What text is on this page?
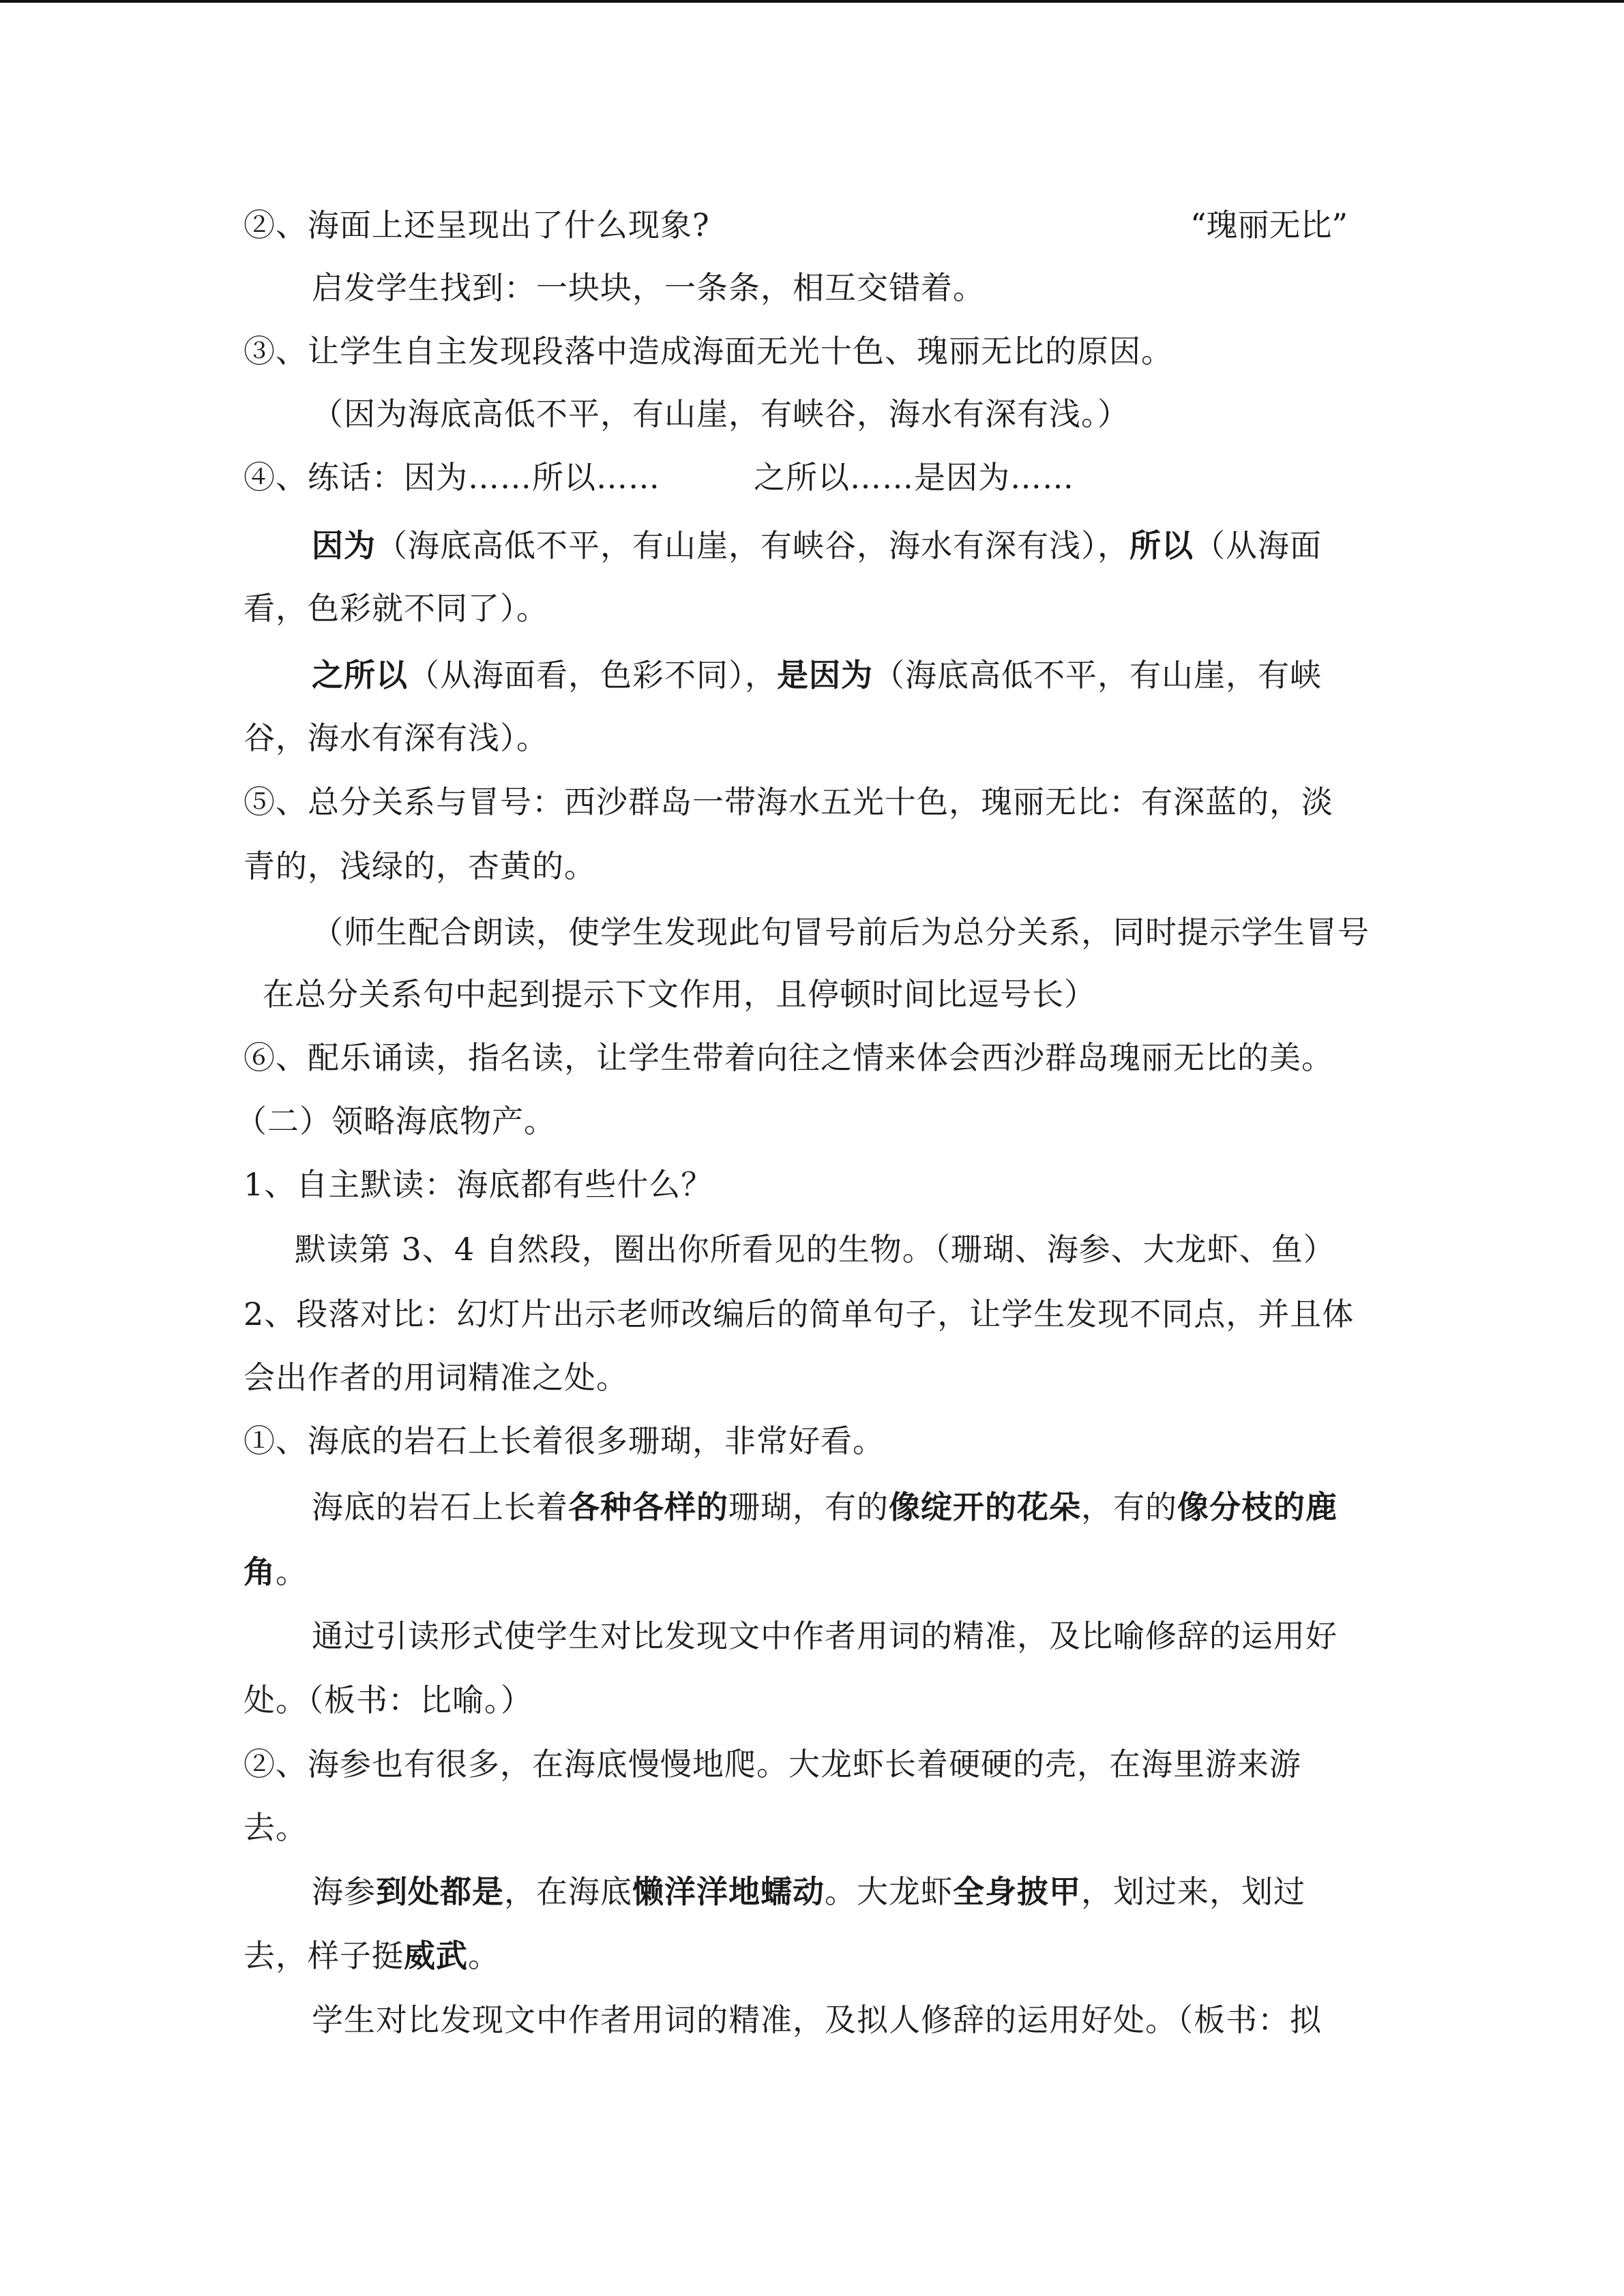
②、海面上还呈现出了什么现象?	“瑰丽无比”
启发学生找到：一块块，一条条，相互交错着。
③、让学生自主发现段落中造成海面无光十色、瑰丽无比的原因。
（因为海底高低不平，有山崖，有峡谷，海水有深有浅。）
④、练话：因为……所以……	之所以……是因为……
因为（海底高低不平，有山崖，有峡谷，海水有深有浅），所以（从海面
看，色彩就不同了）。
之所以（从海面看，色彩不同），是因为（海底高低不平，有山崖，有峡
谷，海水有深有浅）。
⑤、总分关系与冒号：西沙群岛一带海水五光十色，瑰丽无比：有深蓝的，淡
青的，浅绿的，杏黄的。
（师生配合朗读，使学生发现此句冒号前后为总分关系，同时提示学生冒号
在总分关系句中起到提示下文作用，且停顿时间比逗号长）
⑥、配乐诵读，指名读，让学生带着向往之情来体会西沙群岛瑰丽无比的美。
（二）领略海底物产。
1、自主默读：海底都有些什么？
默读第 3、4 自然段，圈出你所看见的生物。（珊瑚、海参、大龙虾、鱼）
2、段落对比：幻灯片出示老师改编后的简单句子，让学生发现不同点，并且体
会出作者的用词精准之处。
①、海底的岩石上长着很多珊瑚，非常好看。
海底的岩石上长着各种各样的珊瑚，有的像绽开的花朵，有的像分枝的鹿
角。
通过引读形式使学生对比发现文中作者用词的精准，及比喻修辞的运用好
处。（板书：比喻。）
②、海参也有很多，在海底慢慢地爬。大龙虾长着硬硬的壳，在海里游来游
去。
海参到处都是，在海底懒洋洋地蠕动。大龙虾全身披甲，划过来，划过
去，样子挺威武。
学生对比发现文中作者用词的精准，及拟人修辞的运用好处。（板书：拟
